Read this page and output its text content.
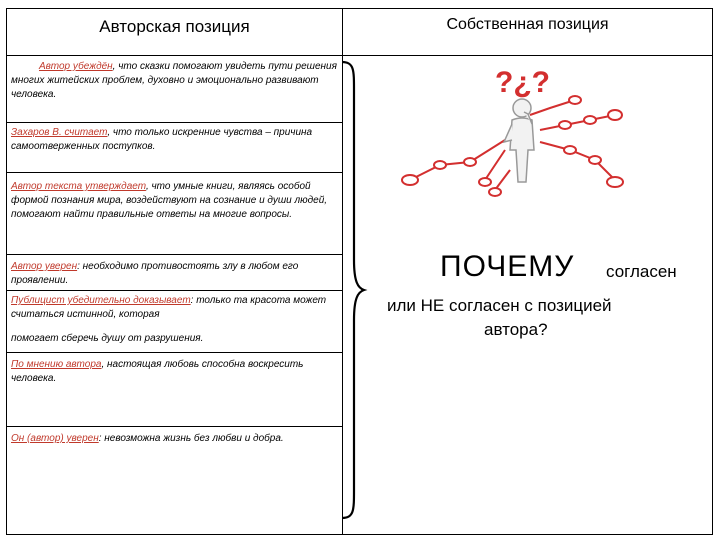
Авторская позиция	Собственная позиция
Автор убеждён, что сказки помогают увидеть пути решения многих житейских проблем, духовно и эмоционально развивают человека.
Захаров В. считает, что только искренние чувства – причина самоотверженных поступков.
Автор текста утверждает, что умные книги, являясь особой формой познания мира, воздействуют на сознание и души людей, помогают найти правильные ответы на многие вопросы.
Автор уверен: необходимо противостоять злу в любом его проявлении.
Публицист убедительно доказывает: только та красота может считаться истинной, которая
помогает сберечь душу от разрушения.
По мнению автора, настоящая любовь способна воскресить человека.
Он (автор) уверен: невозможна жизнь без любви и добра.
?¿?
ПОЧЕМУ согласен
или НЕ согласен с позицией
автора?
